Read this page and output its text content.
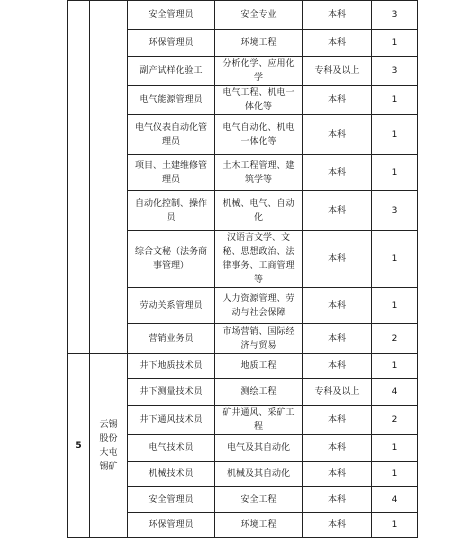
		安全管理员	安全专业	本科	3

		环保管理员	环境工程	本科	1

		副产试样化验工	分析化学、应用化学	专科及以上	3

		电气能源管理员	电气工程、机电一体化等	本科	1

		电气仪表自动化管理员	电气自动化、机电一体化等	本科	1

		项目、土建维修管理员	土木工程管理、建筑学等	本科	1

		自动化控制、操作员	机械、电气、自动化	本科	3

		综合文秘（法务商事管理）	汉语言文学、文秘、思想政治、法律事务、工商管理等	本科	1

		劳动关系管理员	人力资源管理、劳动与社会保障	本科	1

		营销业务员	市场营销、国际经济与贸易	本科	2

5	云锡股份大屯锡矿	井下地质技术员	地质工程	本科	1

		井下测量技术员	测绘工程	专科及以上	4

		井下通风技术员	矿井通风、采矿工程	本科	2

		电气技术员	电气及其自动化	本科	1

		机械技术员	机械及其自动化	本科	1

		安全管理员	安全工程	本科	4

		环保管理员	环境工程	本科	1
